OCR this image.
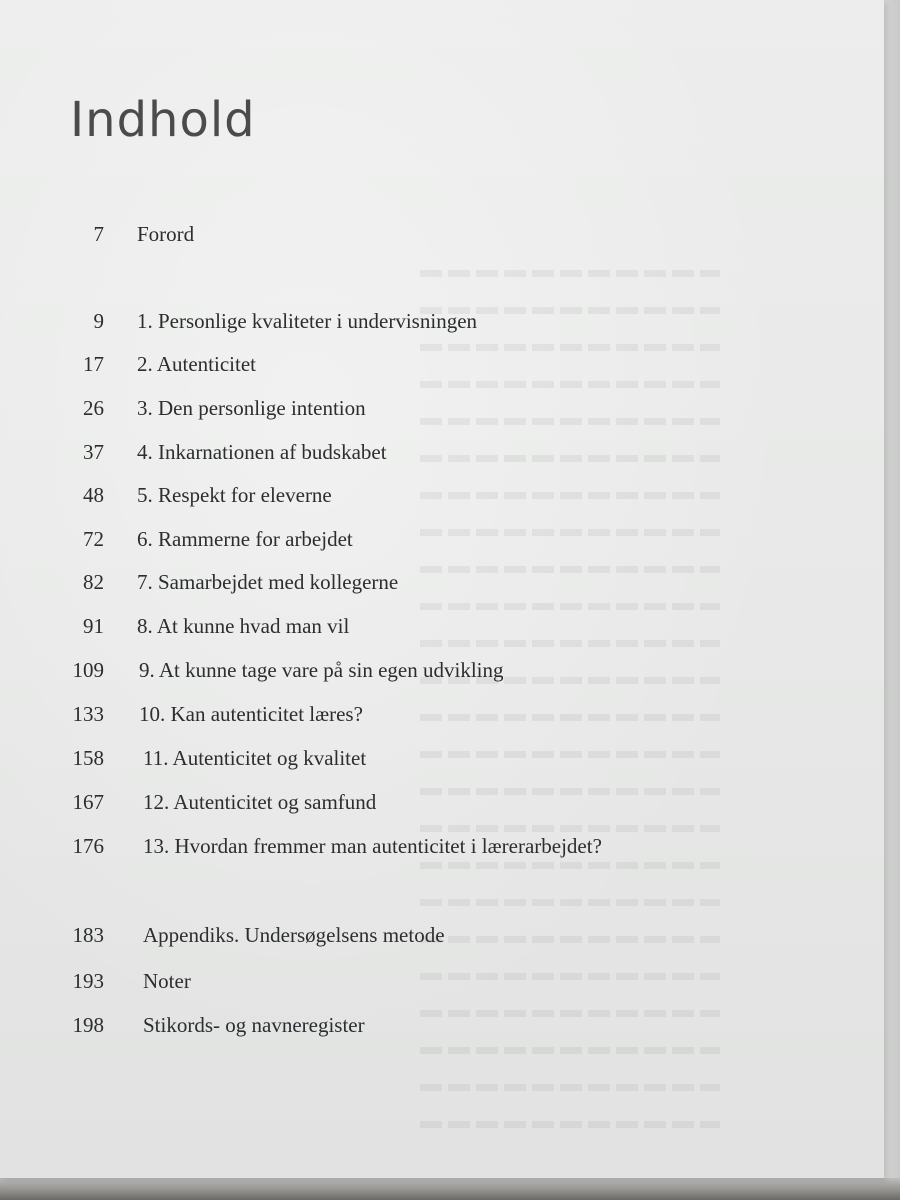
Indhold
7 Forord
9 1. Personlige kvaliteter i undervisningen
17 2. Autenticitet
26 3. Den personlige intention
37 4. Inkarnationen af budskabet
48 5. Respekt for eleverne
72 6. Rammerne for arbejdet
82 7. Samarbejdet med kollegerne
91 8. At kunne hvad man vil
109 9. At kunne tage vare på sin egen udvikling
133 10. Kan autenticitet læres?
158 11. Autenticitet og kvalitet
167 12. Autenticitet og samfund
176 13. Hvordan fremmer man autenticitet i lærerarbejdet?
183 Appendiks. Undersøgelsens metode
193 Noter
198 Stikords- og navneregister
